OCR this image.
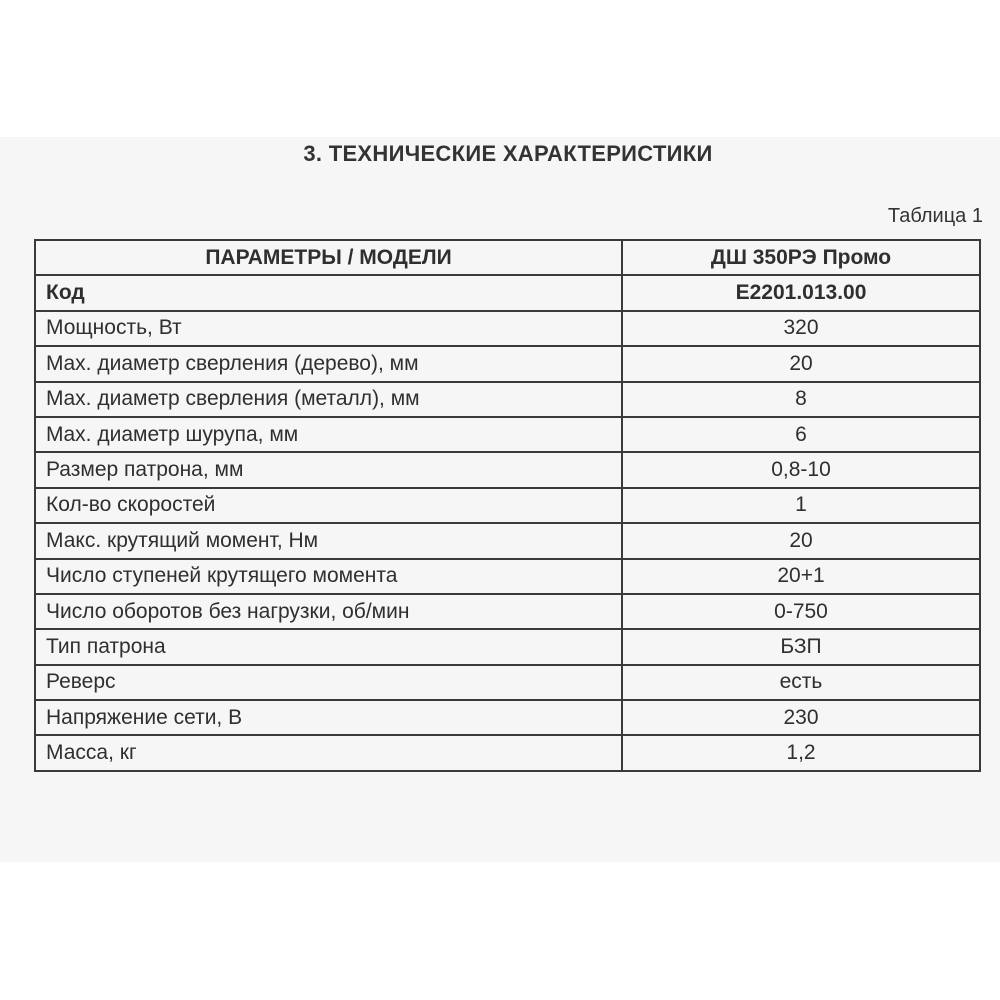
3. ТЕХНИЧЕСКИЕ ХАРАКТЕРИСТИКИ
Таблица 1
ПАРАМЕТРЫ / МОДЕЛИ	ДШ 350РЭ Промо
Код	E2201.013.00
Мощность, Вт	320
Max. диаметр сверления (дерево), мм	20
Max. диаметр сверления (металл), мм	8
Max. диаметр шурупа, мм	6
Размер патрона, мм	0,8-10
Кол-во скоростей	1
Макс. крутящий момент, Нм	20
Число ступеней крутящего момента	20+1
Число оборотов без нагрузки, об/мин	0-750
Тип патрона	БЗП
Реверс	есть
Напряжение сети, В	230
Масса, кг	1,2
